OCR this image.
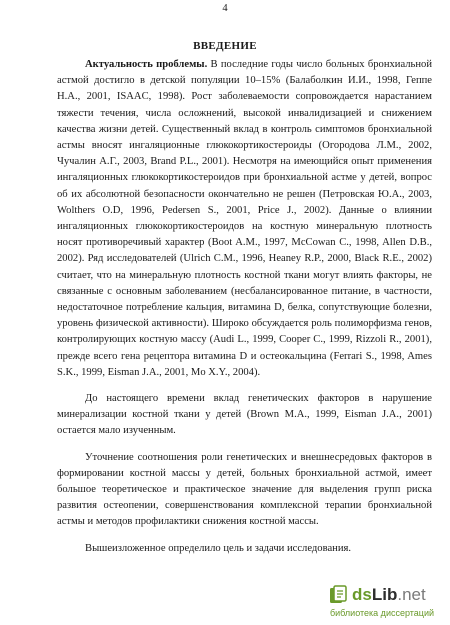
4
ВВЕДЕНИЕ

Актуальность проблемы. В последние годы число больных бронхиальной астмой достигло в детской популяции 10–15% (Балаболкин И.И., 1998, Геппе Н.А., 2001, ISAAC, 1998). Рост заболеваемости сопровождается нарастанием тяжести течения, числа осложнений, высокой инвалидизацией и снижением качества жизни детей. Существенный вклад в контроль симптомов бронхиальной астмы вносят ингаляционные глюкокортикостероиды (Огородова Л.М., 2002, Чучалин А.Г., 2003, Brand P.L., 2001). Несмотря на имеющийся опыт применения ингаляционных глюкокортикостероидов при бронхиальной астме у детей, вопрос об их абсолютной безопасности окончательно не решен (Петровская Ю.А., 2003, Wolthers O.D, 1996, Pedersen S., 2001, Price J., 2002). Данные о влиянии ингаляционных глюкокортикостероидов на костную минеральную плотность носят противоречивый характер (Boot A.M., 1997, McCowan C., 1998, Allen D.B., 2002). Ряд исследователей (Ulrich C.M., 1996, Heaney R.P., 2000, Black R.E., 2002) считает, что на минеральную плотность костной ткани могут влиять факторы, не связанные с основным заболеванием (несбалансированное питание, в частности, недостаточное потребление кальция, витамина D, белка, сопутствующие болезни, уровень физической активности). Широко обсуждается роль полиморфизма генов, контролирующих костную массу (Audi L., 1999, Cooper C., 1999, Rizzoli R., 2001), прежде всего гена рецептора витамина D и остеокальцина (Ferrari S., 1998, Ames S.K., 1999, Eisman J.A., 2001, Mo X.Y., 2004).

До настоящего времени вклад генетических факторов в нарушение минерализации костной ткани у детей (Brown M.A., 1999, Eisman J.A., 2001) остается мало изученным.

Уточнение соотношения роли генетических и внешнесредовых факторов в формировании костной массы у детей, больных бронхиальной астмой, имеет большое теоретическое и практическое значение для выделения групп риска развития остеопении, совершенствования комплексной терапии бронхиальной астмы и методов профилактики снижения костной массы.

Вышеизложенное определило цель и задачи исследования.

dsLib.net
библиотека диссертаций
